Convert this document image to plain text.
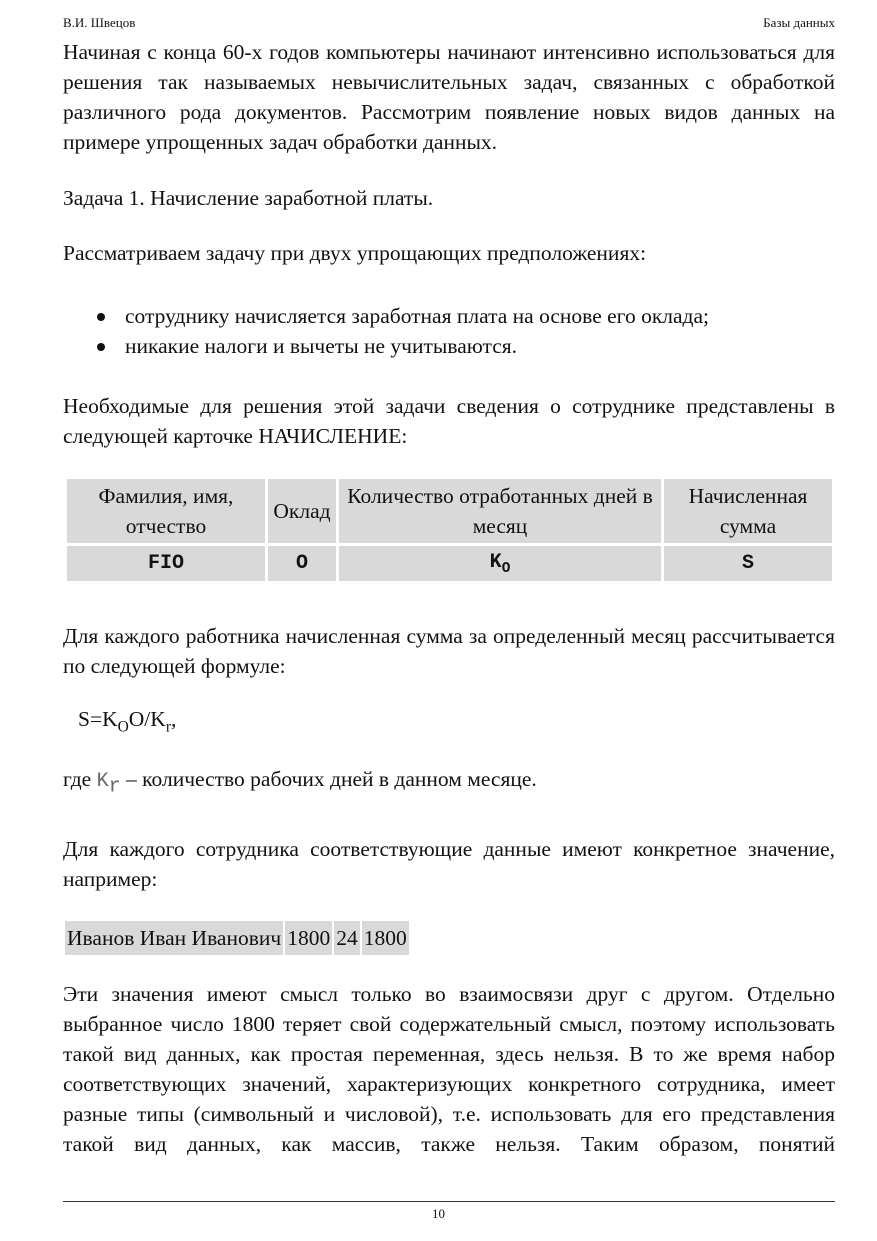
В.И. Швецов	Базы данных

Начиная с конца 60-х годов компьютеры начинают интенсивно использоваться для решения так называемых невычислительных задач, связанных с обработкой различного рода документов. Рассмотрим появление новых видов данных на примере упрощенных задач обработки данных.

Задача 1. Начисление заработной платы.

Рассматриваем задачу при двух упрощающих предположениях:

сотруднику начисляется заработная плата на основе его оклада;
никакие налоги и вычеты не учитываются.

Необходимые для решения этой задачи сведения о сотруднике представлены в следующей карточке НАЧИСЛЕНИЕ:

Фамилия, имя, отчество	Оклад	Количество отработанных дней в месяц	Начисленная сумма
FIO	O	$K_O$	S

Для каждого работника начисленная сумма за определенный месяц рассчитывается по следующей формуле:

$S=K_OO/K_r$,

где Kr – количество рабочих дней в данном месяце.

Для каждого сотрудника соответствующие данные имеют конкретное значение, например:

Иванов Иван Иванович	1800	24	1800

Эти значения имеют смысл только во взаимосвязи друг с другом. Отдельно выбранное число 1800 теряет свой содержательный смысл, поэтому использовать такой вид данных, как простая переменная, здесь нельзя. В то же время набор соответствующих значений, характеризующих конкретного сотрудника, имеет разные типы (символьный и числовой), т.е. использовать для его представления такой вид данных, как массив, также нельзя. Таким образом, понятий

10
